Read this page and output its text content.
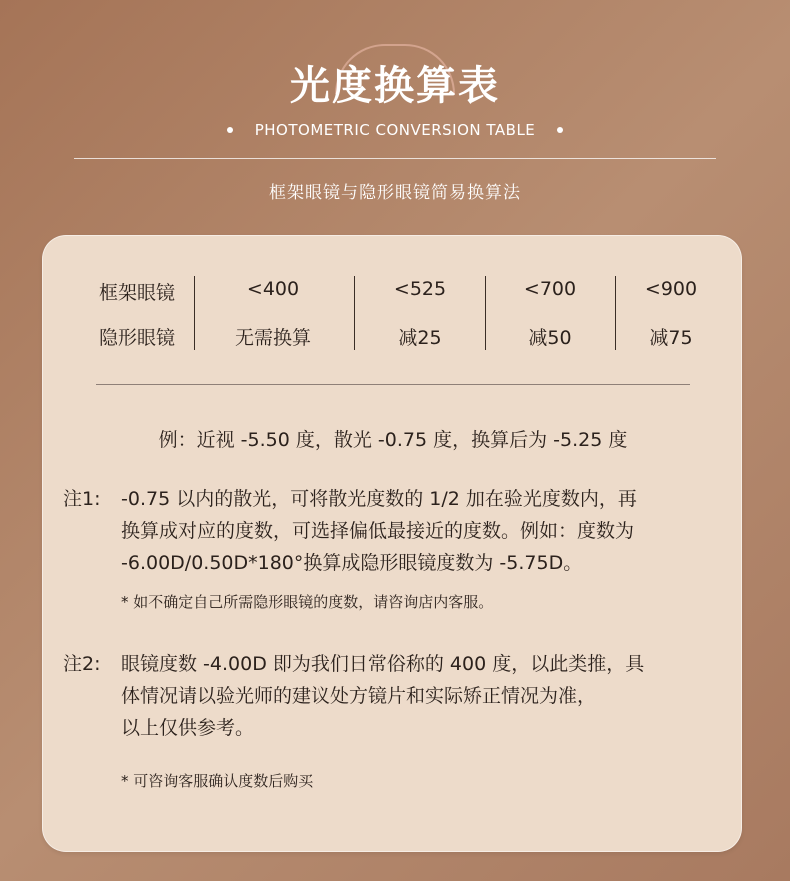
光度换算表
PHOTOMETRIC CONVERSION TABLE
框架眼镜与隐形眼镜简易换算法
框架眼镜	<400	<525	<700	<900
隐形眼镜	无需换算	减25	减50	减75
例：近视 -5.50 度，散光 -0.75 度，换算后为 -5.25 度
注1: -0.75 以内的散光，可将散光度数的 1/2 加在验光度数内，再
换算成对应的度数，可选择偏低最接近的度数。例如：度数为
-6.00D/0.50D*180°换算成隐形眼镜度数为 -5.75D。
* 如不确定自己所需隐形眼镜的度数，请咨询店内客服。
注2: 眼镜度数 -4.00D 即为我们日常俗称的 400 度，以此类推，具
体情况请以验光师的建议处方镜片和实际矫正情况为准，
以上仅供参考。
* 可咨询客服确认度数后购买
